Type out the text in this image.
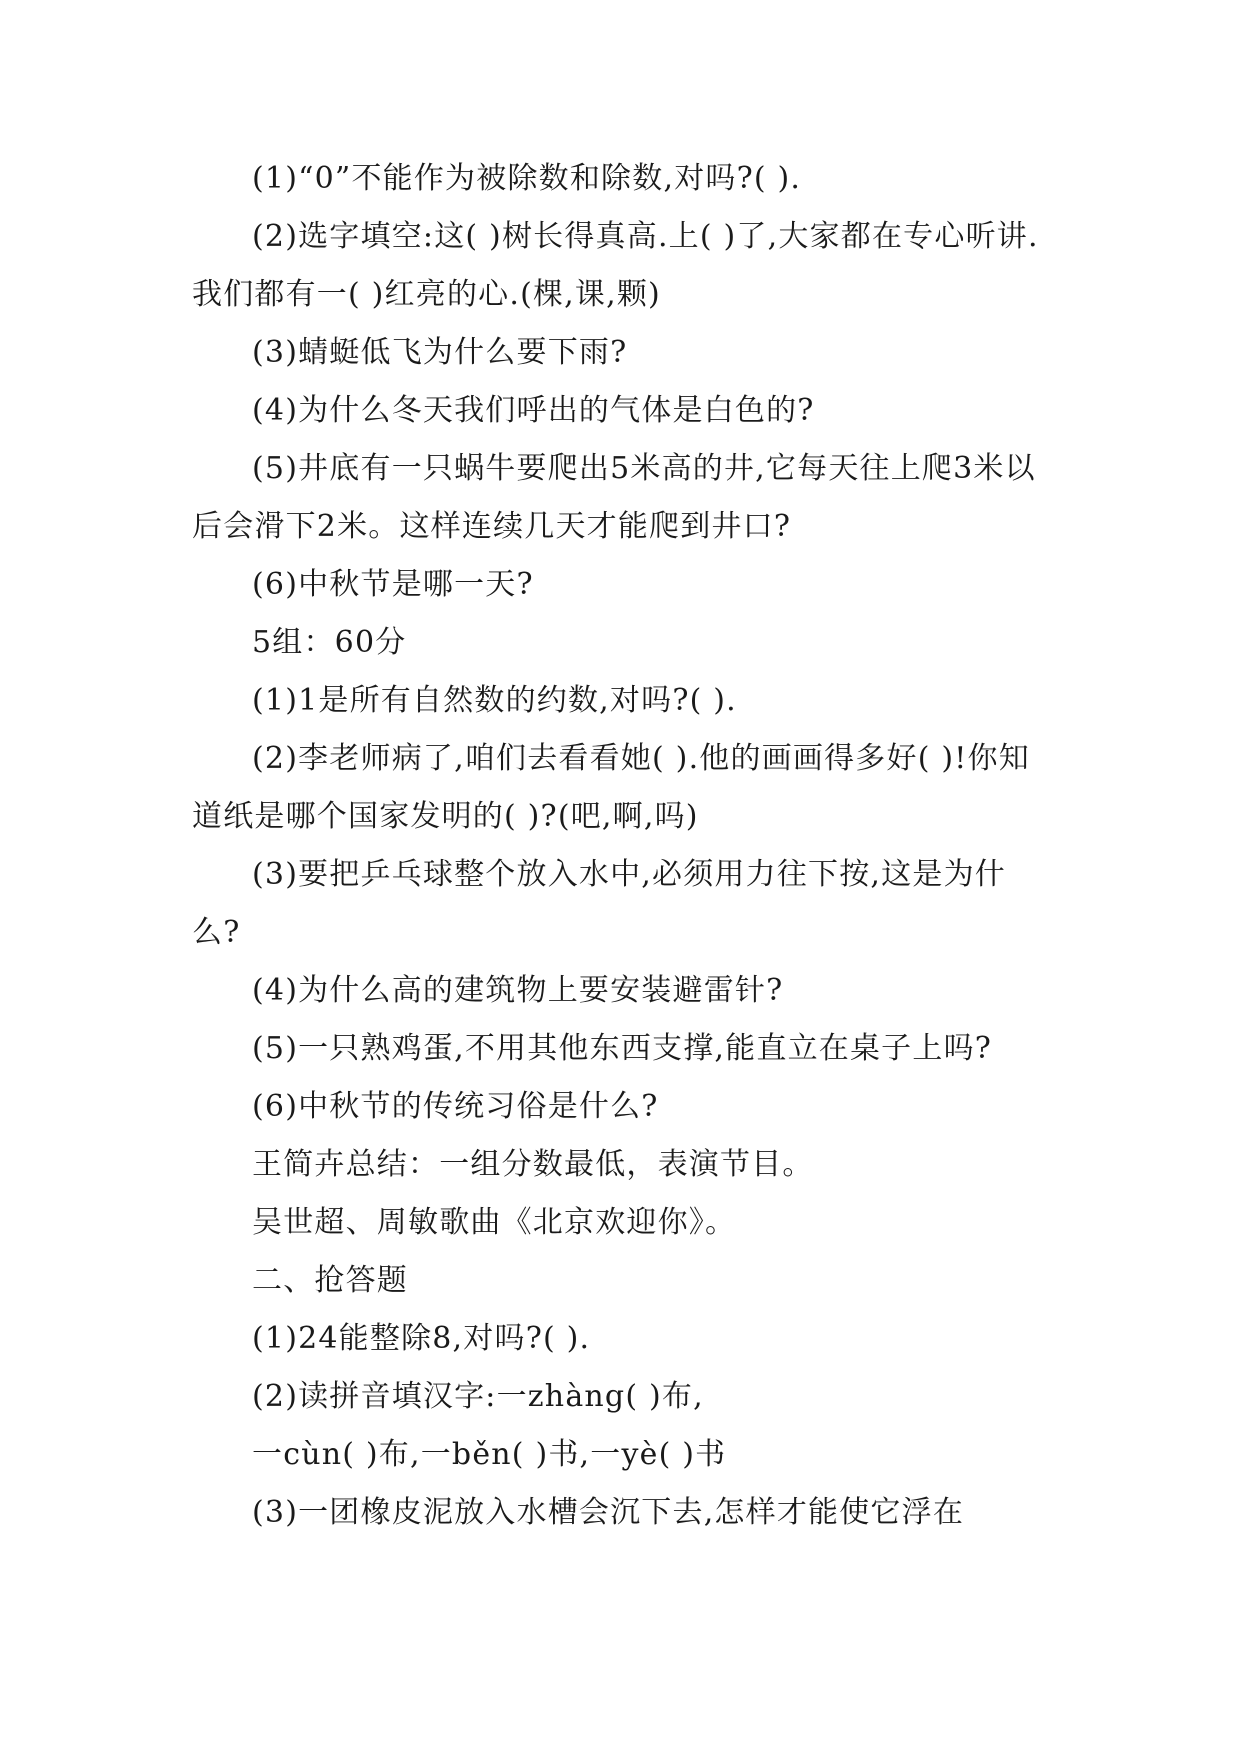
(1)“0”不能作为被除数和除数,对吗?( ).

(2)选字填空:这( )树长得真高.上( )了,大家都在专心听讲.我们都有一( )红亮的心.(棵,课,颗)

(3)蜻蜓低飞为什么要下雨?

(4)为什么冬天我们呼出的气体是白色的?

(5)井底有一只蜗牛要爬出5米高的井,它每天往上爬3米以后会滑下2米。这样连续几天才能爬到井口?

(6)中秋节是哪一天?

5组：60分

(1)1是所有自然数的约数,对吗?( ).

(2)李老师病了,咱们去看看她( ).他的画画得多好( )!你知道纸是哪个国家发明的( )?(吧,啊,吗)

(3)要把乒乓球整个放入水中,必须用力往下按,这是为什么?

(4)为什么高的建筑物上要安装避雷针?

(5)一只熟鸡蛋,不用其他东西支撑,能直立在桌子上吗?

(6)中秋节的传统习俗是什么?

王简卉总结：一组分数最低，表演节目。

吴世超、周敏歌曲《北京欢迎你》。

二、抢答题

(1)24能整除8,对吗?( ).

(2)读拼音填汉字:一zhàng( )布,

一cùn( )布,一běn( )书,一yè( )书

(3)一团橡皮泥放入水槽会沉下去,怎样才能使它浮在
